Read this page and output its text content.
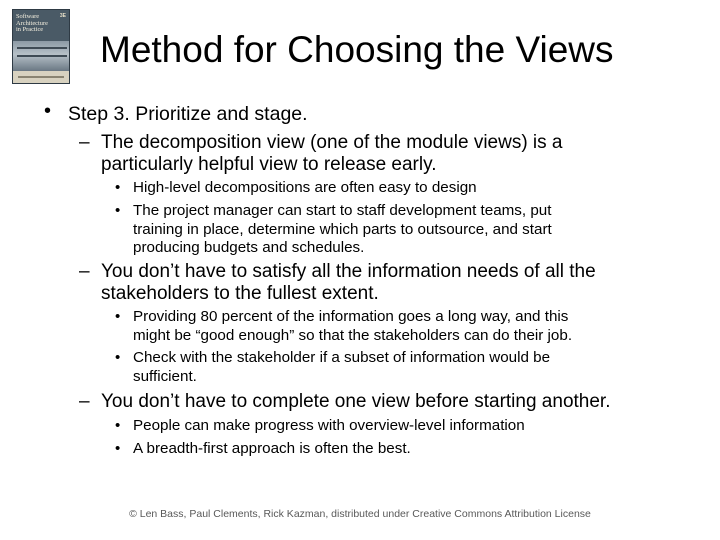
Software
Architecture
in Practice
3E
Method for Choosing the Views
• Step 3. Prioritize and stage.

– The decomposition view (one of the module views) is a
particularly helpful view to release early.

• High-level decompositions are often easy to design

• The project manager can start to staff development teams, put
training in place, determine which parts to outsource, and start
producing budgets and schedules.

– You don’t have to satisfy all the information needs of all the
stakeholders to the fullest extent.

• Providing 80 percent of the information goes a long way, and this
might be “good enough” so that the stakeholders can do their job.

• Check with the stakeholder if a subset of information would be
sufficient.

– You don’t have to complete one view before starting another.

• People can make progress with overview-level information

• A breadth-first approach is often the best.

© Len Bass, Paul Clements, Rick Kazman, distributed under Creative Commons Attribution License
